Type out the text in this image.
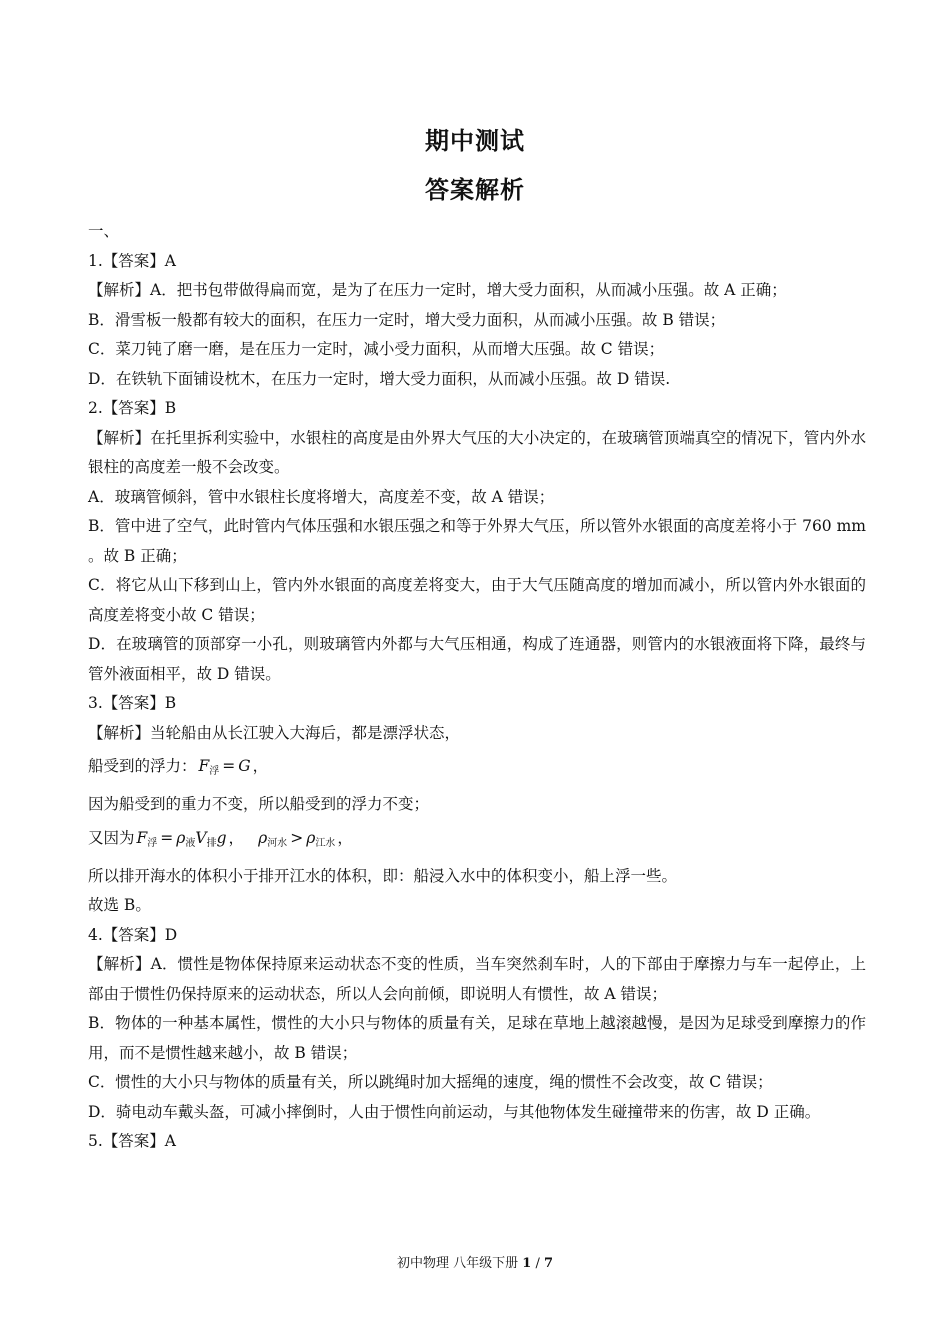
期中测试
答案解析
一、
1.【答案】A
【解析】A．把书包带做得扁而宽，是为了在压力一定时，增大受力面积，从而减小压强。故 A 正确；
B．滑雪板一般都有较大的面积，在压力一定时，增大受力面积，从而减小压强。故 B 错误；
C．菜刀钝了磨一磨，是在压力一定时，减小受力面积，从而增大压强。故 C 错误；
D．在铁轨下面铺设枕木，在压力一定时，增大受力面积，从而减小压强。故 D 错误.
2.【答案】B
【解析】在托里拆利实验中，水银柱的高度是由外界大气压的大小决定的，在玻璃管顶端真空的情况下，管内外水银柱的高度差一般不会改变。
A．玻璃管倾斜，管中水银柱长度将增大，高度差不变，故 A 错误；
B．管中进了空气，此时管内气体压强和水银压强之和等于外界大气压，所以管外水银面的高度差将小于 760 mm 。故 B 正确；
C．将它从山下移到山上，管内外水银面的高度差将变大，由于大气压随高度的增加而减小，所以管内外水银面的高度差将变小故 C 错误；
D．在玻璃管的顶部穿一小孔，则玻璃管内外都与大气压相通，构成了连通器，则管内的水银液面将下降，最终与管外液面相平，故 D 错误。
3.【答案】B
【解析】当轮船由从长江驶入大海后，都是漂浮状态，
船受到的浮力： $F_浮 = G$ ，
因为船受到的重力不变，所以船受到的浮力不变；
又因为 $F_浮 = \rho_液V_排g$ ， $\rho_{河水} > \rho_{江水}$ ，
所以排开海水的体积小于排开江水的体积，即：船浸入水中的体积变小，船上浮一些。
故选 B。
4.【答案】D
【解析】A．惯性是物体保持原来运动状态不变的性质，当车突然刹车时，人的下部由于摩擦力与车一起停止，上部由于惯性仍保持原来的运动状态，所以人会向前倾，即说明人有惯性，故 A 错误；
B．物体的一种基本属性，惯性的大小只与物体的质量有关，足球在草地上越滚越慢，是因为足球受到摩擦力的作用，而不是惯性越来越小，故 B 错误；
C．惯性的大小只与物体的质量有关，所以跳绳时加大摇绳的速度，绳的惯性不会改变，故 C 错误；
D．骑电动车戴头盔，可减小摔倒时，人由于惯性向前运动，与其他物体发生碰撞带来的伤害，故 D 正确。
5.【答案】A
初中物理 八年级下册 1 / 7
